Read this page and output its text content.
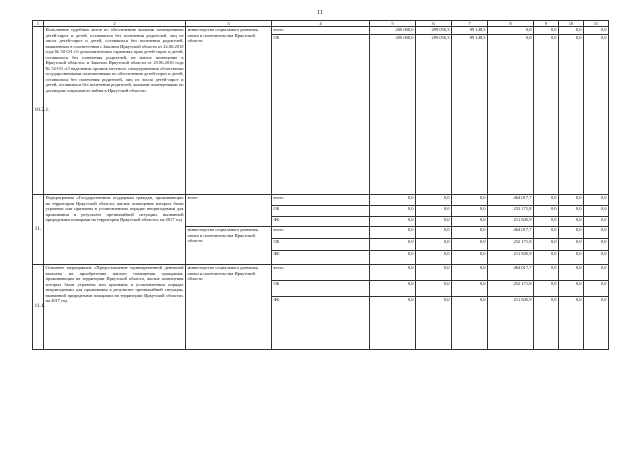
11
1	2	3	4	5	6	7	8	9	10	11
10.2.1.	Исполнение судебных актов по обеспечению жилыми помещениями детей-сирот и детей, оставшихся без попечения родителей, лиц из числа детей-сирот и детей, оставшихся без попечения родителей, выявленных в соответствии с Законом Иркутской области от 22.06.2010 года № 50-ОЗ «О дополнительных гарантиях прав детей-сирот и детей, оставшихся без попечения родителей, на жилое помещение в Иркутской области» и Законом Иркутской области от 29.06.2010 года № 52-ОЗ «О наделении органов местного самоуправления областными государственными полномочиями по обеспечению детей-сирот и детей, оставшихся без попечения родителей, лиц из числа детей-сирот и детей, оставшихся без попечения родителей, жилыми помещениями по договорам социального найма в Иркутской области»	министерство социального развития, опеки и попечительства Иркутской области	всего	200 000,0	299 056,3	89 148,3	0,0	0,0	0,0	0,0
			ОБ	200 000,0	299 056,3	89 148,3	0,0	0,0	0,0	0,0

11.	Подпрограмма «Государственная поддержка граждан, проживающих на территории Иркутской области, жилые помещения которых были утрачены или признаны в установленном порядке непригодными для проживания в результате чрезвычайной ситуации, вызванной природными пожарами на территории Иркутской области» на 2017 год	всего	всего	0,0	0,0	0,0	464 017,7	0,0	0,0	0,0
			ОБ	0,0	0,0	0,0	252 171,8	0,0	0,0	0,0
			ФБ	0,0	0,0	0,0	211 845,9	0,0	0,0	0,0
		министерство социального развития, опеки и попечительства Иркутской области	всего	0,0	0,0	0,0	464 017,7	0,0	0,0	0,0
			ОБ	0,0	0,0	0,0	252 171,8	0,0	0,0	0,0
			ФБ	0,0	0,0	0,0	211 845,9	0,0	0,0	0,0
11.1.	Основное мероприятие «Предоставление единовременной денежной выплаты на приобретение жилого помещения гражданам, проживающим на территории Иркутской области, жилые помещения которых были утрачены или признаны в установленном порядке непригодными для проживания в результате чрезвычайной ситуации, вызванной природными пожарами на территории Иркутской области» на 2017 год	министерство социального развития, опеки и попечительства Иркутской области	всего	0,0	0,0	0,0	464 017,7	0,0	0,0	0,0
			ОБ	0,0	0,0	0,0	252 171,8	0,0	0,0	0,0
			ФБ	0,0	0,0	0,0	211 845,9	0,0	0,0	0,0
